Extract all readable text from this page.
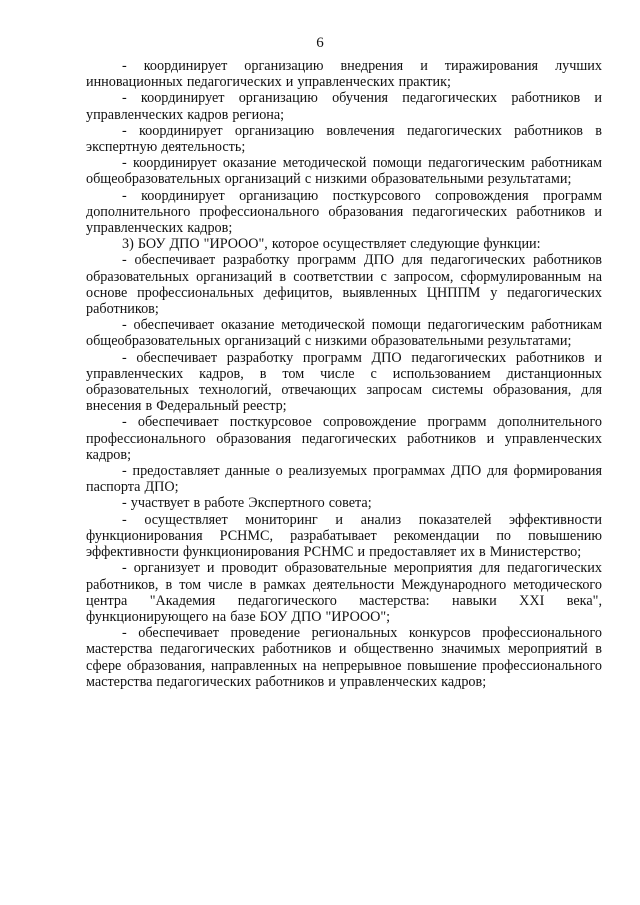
6

- координирует организацию внедрения и тиражирования лучших инновационных педагогических и управленческих практик;

- координирует организацию обучения педагогических работников и управленческих кадров региона;

- координирует организацию вовлечения педагогических работников в экспертную деятельность;

- координирует оказание методической помощи педагогическим работникам общеобразовательных организаций с низкими образовательными результатами;

- координирует организацию посткурсового сопровождения программ дополнительного профессионального образования педагогических работников и управленческих кадров;

3) БОУ ДПО "ИРООО", которое осуществляет следующие функции:

- обеспечивает разработку программ ДПО для педагогических работников образовательных организаций в соответствии с запросом, сформулированным на основе профессиональных дефицитов, выявленных ЦНППМ у педагогических работников;

- обеспечивает оказание методической помощи педагогическим работникам общеобразовательных организаций с низкими образовательными результатами;

- обеспечивает разработку программ ДПО педагогических работников и управленческих кадров, в том числе с использованием дистанционных образовательных технологий, отвечающих запросам системы образования, для внесения в Федеральный реестр;

- обеспечивает посткурсовое сопровождение программ дополнительного профессионального образования педагогических работников и управленческих кадров;

- предоставляет данные о реализуемых программах ДПО для формирования паспорта ДПО;

- участвует в работе Экспертного совета;

- осуществляет мониторинг и анализ показателей эффективности функционирования РСНМС, разрабатывает рекомендации по повышению эффективности функционирования РСНМС и предоставляет их в Министерство;

- организует и проводит образовательные мероприятия для педагогических работников, в том числе в рамках деятельности Международного методического центра "Академия педагогического мастерства: навыки XXI века", функционирующего на базе БОУ ДПО "ИРООО";

- обеспечивает проведение региональных конкурсов профессионального мастерства педагогических работников и общественно значимых мероприятий в сфере образования, направленных на непрерывное повышение профессионального мастерства педагогических работников и управленческих кадров;
